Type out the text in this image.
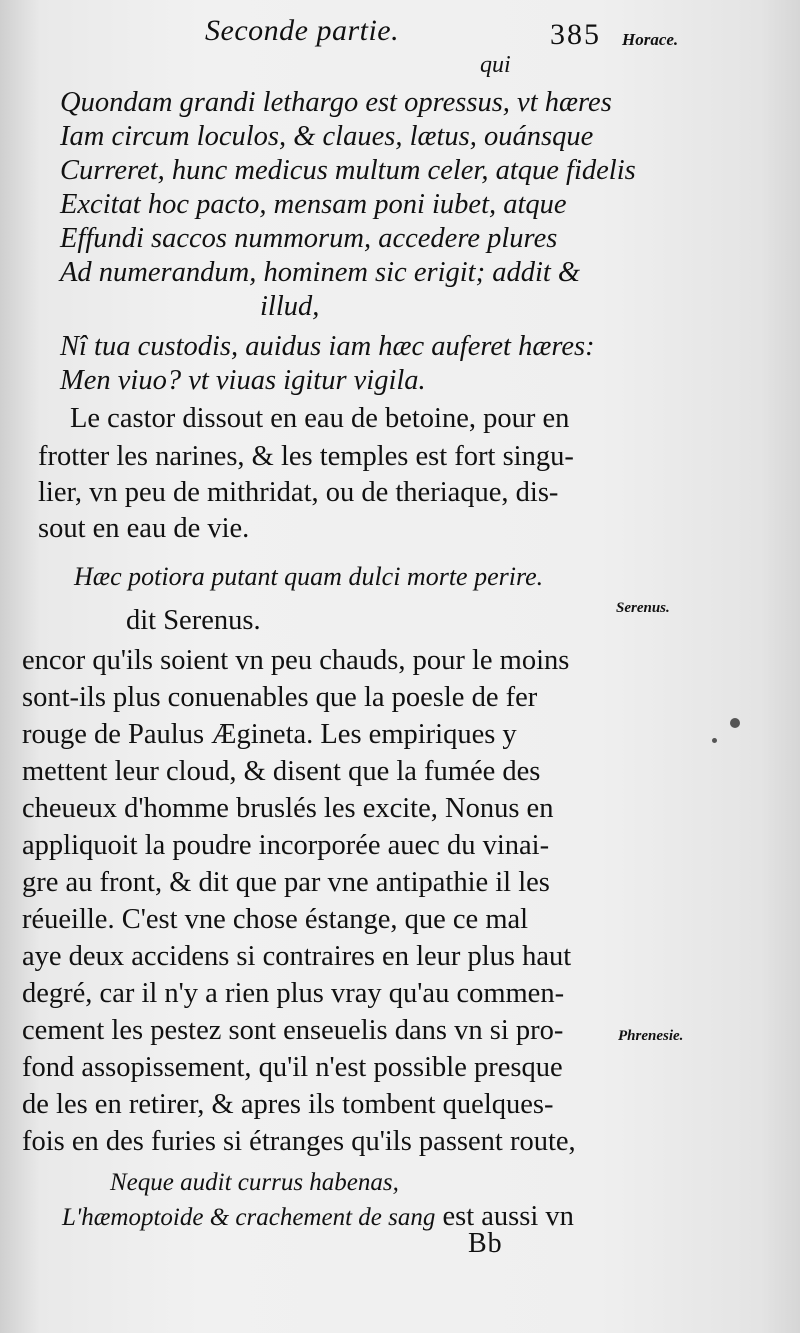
Seconde partie.	385 Horace.
Serenus.
Phrenesie.
qui
Quondam grandi lethargo est opressus, vt hæres
Iam circum loculos, & claues, lætus, ouánsque
Curreret, hunc medicus multum celer, atque fidelis
Excitat hoc pacto, mensam poni iubet, atque
Effundi saccos nummorum, accedere plures
Ad numerandum, hominem sic erigit; addit &
illud,
Nî tua custodis, auidus iam hæc auferet hæres:
Men viuo? vt viuas igitur vigila.
Le castor dissout en eau de betoine, pour en
frotter les narines, & les temples est fort singu-
lier, vn peu de mithridat, ou de theriaque, dis-
sout en eau de vie.
Hæc potiora putant quam dulci morte perire.
dit Serenus.
encor qu'ils soient vn peu chauds, pour le moins
sont-ils plus conuenables que la poesle de fer
rouge de Paulus Ægineta. Les empiriques y
mettent leur cloud, & disent que la fumée des
cheueux d'homme bruslés les excite, Nonus en
appliquoit la poudre incorporée auec du vinai-
gre au front, & dit que par vne antipathie il les
réueille. C'est vne chose éstange, que ce mal
aye deux accidens si contraires en leur plus haut
degré, car il n'y a rien plus vray qu'au commen-
cement les pestez sont enseuelis dans vn si pro-
fond assopissement, qu'il n'est possible presque
de les en retirer, & apres ils tombent quelques-
fois en des furies si étranges qu'ils passent route,
Neque audit currus habenas,
L'hæmoptoide & crachement de sang est aussi vn
Bb
